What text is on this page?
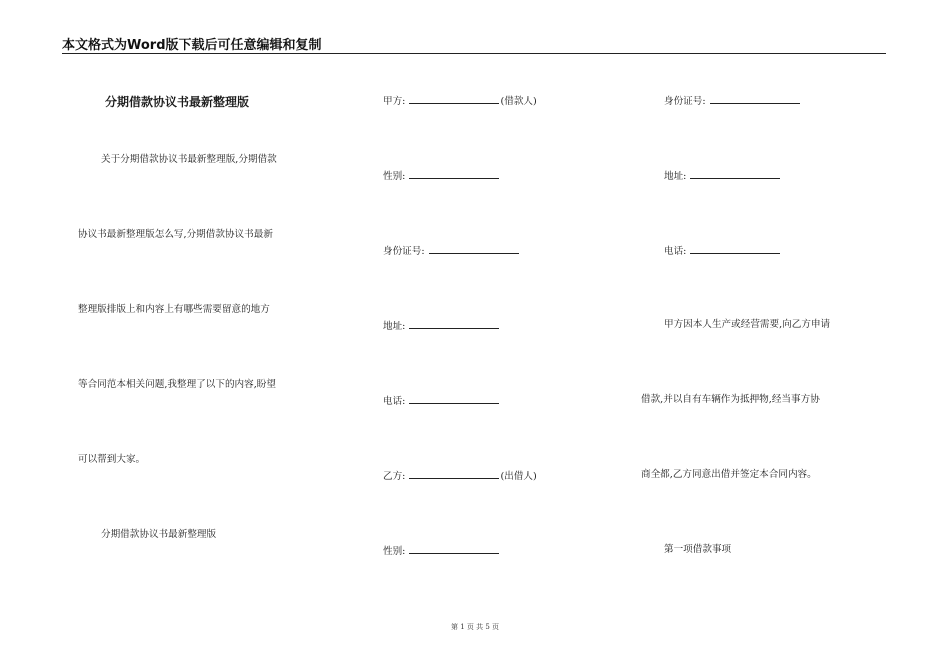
本文格式为Word版下载后可任意编辑和复制
分期借款协议书最新整理版
关于分期借款协议书最新整理版,分期借款
协议书最新整理版怎么写,分期借款协议书最新
整理版排版上和内容上有哪些需要留意的地方
等合同范本相关问题,我整理了以下的内容,盼望
可以帮到大家。
分期借款协议书最新整理版
甲方:	(借款人)
性别:
身份证号:
地址:
电话:
乙方:	(出借人)
性别:
身份证号:
地址:
电话:
甲方因本人生产或经营需要,向乙方申请
借款,并以自有车辆作为抵押物,经当事方协
商全都,乙方同意出借并签定本合同内容。
第一项借款事项
第 1 页 共 5 页
